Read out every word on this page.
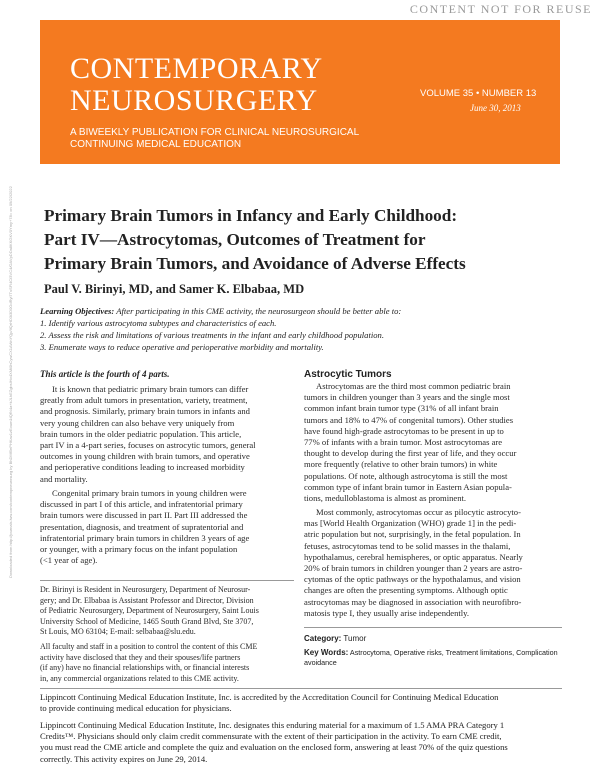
CONTENT NOT FOR REUSE
CONTEMPORARY
NEUROSURGERY	VOLUME 35 • NUMBER 13
June 30, 2013
A BIWEEKLY PUBLICATION FOR CLINICAL NEUROSURGICAL
CONTINUING MEDICAL EDUCATION
Primary Brain Tumors in Infancy and Early Childhood:
Part IV—Astrocytomas, Outcomes of Treatment for
Primary Brain Tumors, and Avoidance of Adverse Effects
Paul V. Birinyi, MD, and Samer K. Elbabaa, MD
Learning Objectives: After participating in this CME activity, the neurosurgeon should be better able to:
1. Identify various astrocytoma subtypes and characteristics of each.
2. Assess the risk and limitations of various treatments in the infant and early childhood population.
3. Enumerate ways to reduce operative and perioperative morbidity and mortality.
Downloaded from http://journals.lww.com/contempneurosurg by BhDMf5ePHKav1zEoum1tQfN4a+kJLhEZgbsIHo4XMi0hCywCX1AWnYQp/IlQrHD3i3D0OdRyi7TvSFl4Cf3VC4/OAVpDDa8KKGKV0Ymy+78= on 09/22/2022	This article is the fourth of 4 parts.
It is known that pediatric primary brain tumors can differ
greatly from adult tumors in presentation, variety, treatment,
and prognosis. Similarly, primary brain tumors in infants and
very young children can also behave very uniquely from
brain tumors in the older pediatric population. This article,
part IV in a 4-part series, focuses on astrocytic tumors, general
outcomes in young children with brain tumors, and operative
and perioperative conditions leading to increased morbidity
and mortality.
Congenital primary brain tumors in young children were
discussed in part I of this article, and infratentorial primary
brain tumors were discussed in part II. Part III addressed the
presentation, diagnosis, and treatment of supratentorial and
infratentorial primary brain tumors in children 3 years of age
or younger, with a primary focus on the infant population
(<1 year of age).
Dr. Birinyi is Resident in Neurosurgery, Department of Neurosur-
gery; and Dr. Elbabaa is Assistant Professor and Director, Division
of Pediatric Neurosurgery, Department of Neurosurgery, Saint Louis
University School of Medicine, 1465 South Grand Blvd, Ste 3707,
St Louis, MO 63104; E-mail: selbabaa@slu.edu.
All faculty and staff in a position to control the content of this CME
activity have disclosed that they and their spouses/life partners
(if any) have no financial relationships with, or financial interests
in, any commercial organizations related to this CME activity.
Astrocytic Tumors
Astrocytomas are the third most common pediatric brain
tumors in children younger than 3 years and the single most
common infant brain tumor type (31% of all infant brain
tumors and 18% to 47% of congenital tumors). Other studies
have found high-grade astrocytomas to be present in up to
77% of infants with a brain tumor. Most astrocytomas are
thought to develop during the first year of life, and they occur
more frequently (relative to other brain tumors) in white
populations. Of note, although astrocytoma is still the most
common type of infant brain tumor in Eastern Asian popula-
tions, medulloblastoma is almost as prominent.
Most commonly, astrocytomas occur as pilocytic astrocyto-
mas [World Health Organization (WHO) grade 1] in the pedi-
atric population but not, surprisingly, in the fetal population. In
fetuses, astrocytomas tend to be solid masses in the thalami,
hypothalamus, cerebral hemispheres, or optic apparatus. Nearly
20% of brain tumors in children younger than 2 years are astro-
cytomas of the optic pathways or the hypothalamus, and vision
changes are often the presenting symptoms. Although optic
astrocytomas may be diagnosed in association with neurofibro-
matosis type I, they usually arise independently.
Category: Tumor
Key Words: Astrocytoma, Operative risks, Treatment limitations, Complication avoidance
Lippincott Continuing Medical Education Institute, Inc. is accredited by the Accreditation Council for Continuing Medical Education
to provide continuing medical education for physicians.
Lippincott Continuing Medical Education Institute, Inc. designates this enduring material for a maximum of 1.5 AMA PRA Category 1
Credits™. Physicians should only claim credit commensurate with the extent of their participation in the activity. To earn CME credit,
you must read the CME article and complete the quiz and evaluation on the enclosed form, answering at least 70% of the quiz questions
correctly. This activity expires on June 29, 2014.
